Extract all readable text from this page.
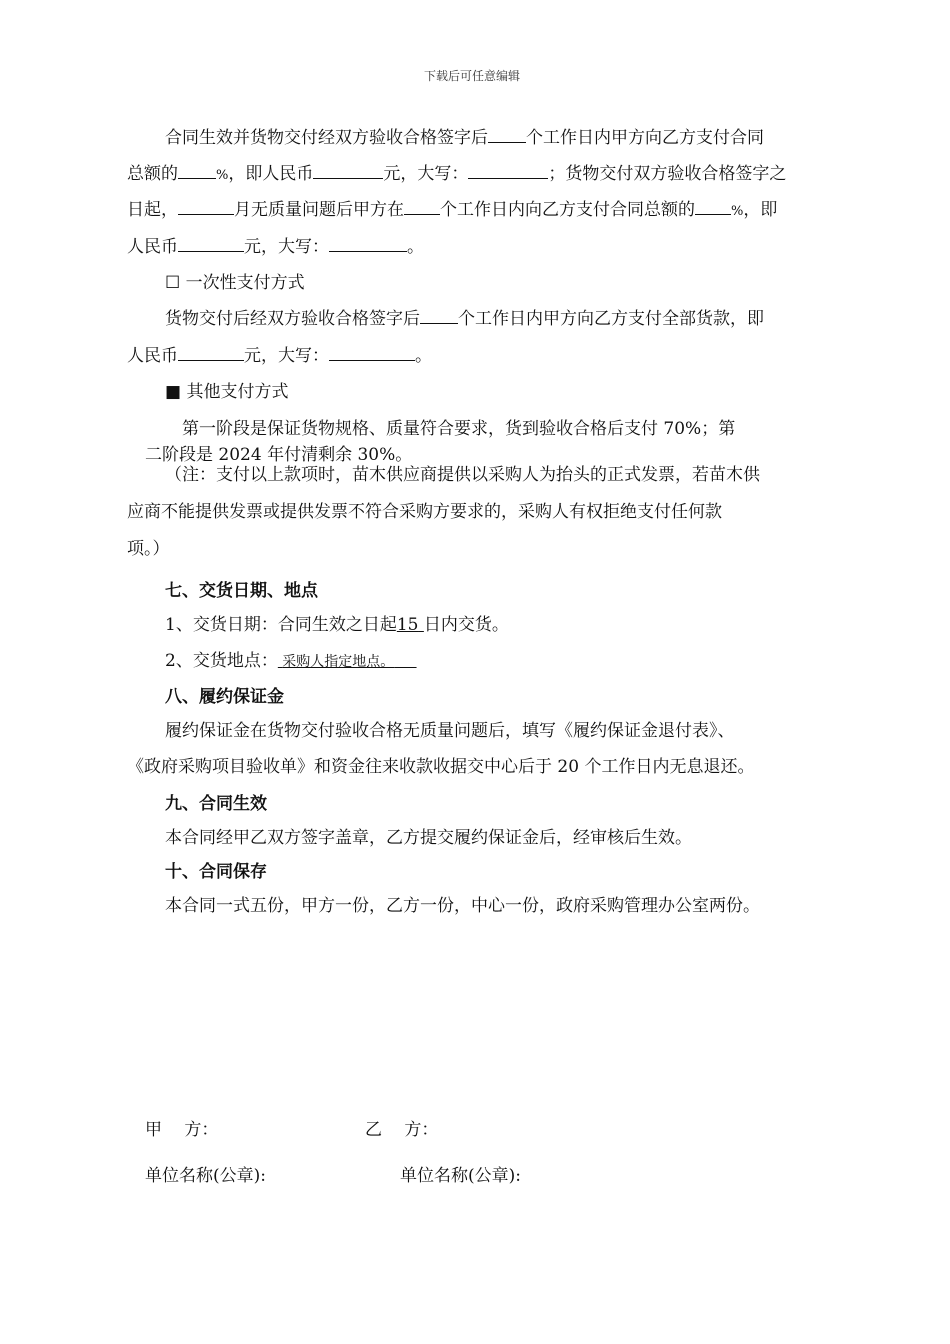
下载后可任意编辑
合同生效并货物交付经双方验收合格签字后 个工作日内甲方向乙方支付合同
总额的	%，即人民币	元，大写：	；货物交付双方验收合格签字之
日起，	月无质量问题后甲方在 个工作日内向乙方支付合同总额的	%，即
人民币	元，大写：	。
☐ 一次性支付方式
货物交付后经双方验收合格签字后 个工作日内甲方向乙方支付全部货款，即
人民币	元，大写：	。
■ 其他支付方式
第一阶段是保证货物规格、质量符合要求，货到验收合格后支付 70%；第
二阶段是 2024 年付清剩余 30%。
（注：支付以上款项时，苗木供应商提供以采购人为抬头的正式发票，若苗木供
应商不能提供发票或提供发票不符合采购方要求的，采购人有权拒绝支付任何款
项。）
七、交货日期、地点
1、交货日期：合同生效之日起15 日内交货。
2、交货地点： 采购人指定地点。
八、履约保证金
履约保证金在货物交付验收合格无质量问题后，填写《履约保证金退付表》、
《政府采购项目验收单》和资金往来收款收据交中心后于 20 个工作日内无息退还。
九、合同生效
本合同经甲乙双方签字盖章，乙方提交履约保证金后，经审核后生效。
十、合同保存
本合同一式五份，甲方一份，乙方一份，中心一份，政府采购管理办公室两份。
甲　 方：	乙　 方：
单位名称(公章):	单位名称(公章):
